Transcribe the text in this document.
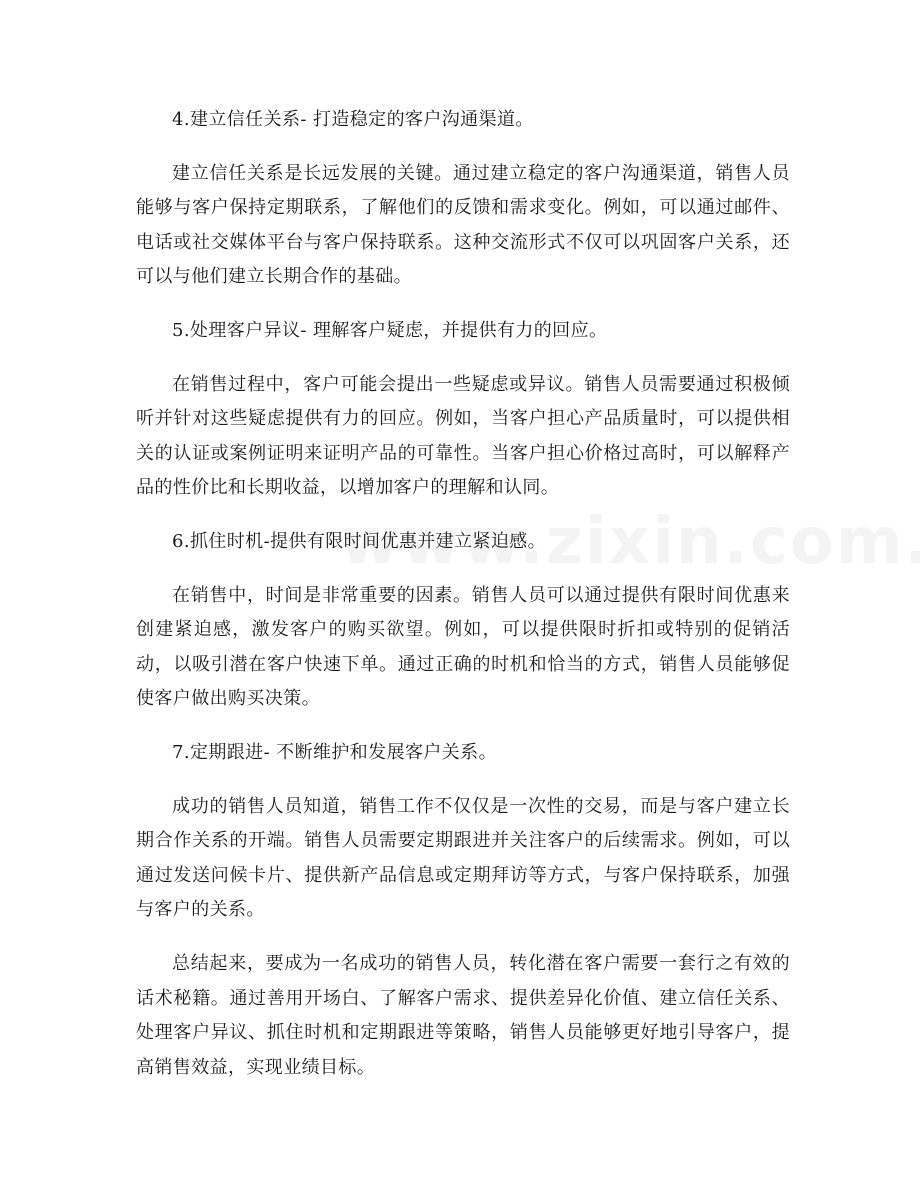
4.建立信任关系- 打造稳定的客户沟通渠道。

建立信任关系是长远发展的关键。通过建立稳定的客户沟通渠道，销售人员能够与客户保持定期联系，了解他们的反馈和需求变化。例如，可以通过邮件、电话或社交媒体平台与客户保持联系。这种交流形式不仅可以巩固客户关系，还可以与他们建立长期合作的基础。

5.处理客户异议- 理解客户疑虑，并提供有力的回应。

在销售过程中，客户可能会提出一些疑虑或异议。销售人员需要通过积极倾听并针对这些疑虑提供有力的回应。例如，当客户担心产品质量时，可以提供相关的认证或案例证明来证明产品的可靠性。当客户担心价格过高时，可以解释产品的性价比和长期收益，以增加客户的理解和认同。

6.抓住时机-提供有限时间优惠并建立紧迫感。

在销售中，时间是非常重要的因素。销售人员可以通过提供有限时间优惠来创建紧迫感，激发客户的购买欲望。例如，可以提供限时折扣或特别的促销活动，以吸引潜在客户快速下单。通过正确的时机和恰当的方式，销售人员能够促使客户做出购买决策。

7.定期跟进- 不断维护和发展客户关系。

成功的销售人员知道，销售工作不仅仅是一次性的交易，而是与客户建立长期合作关系的开端。销售人员需要定期跟进并关注客户的后续需求。例如，可以通过发送问候卡片、提供新产品信息或定期拜访等方式，与客户保持联系，加强与客户的关系。

总结起来，要成为一名成功的销售人员，转化潜在客户需要一套行之有效的话术秘籍。通过善用开场白、了解客户需求、提供差异化价值、建立信任关系、处理客户异议、抓住时机和定期跟进等策略，销售人员能够更好地引导客户，提高销售效益，实现业绩目标。
